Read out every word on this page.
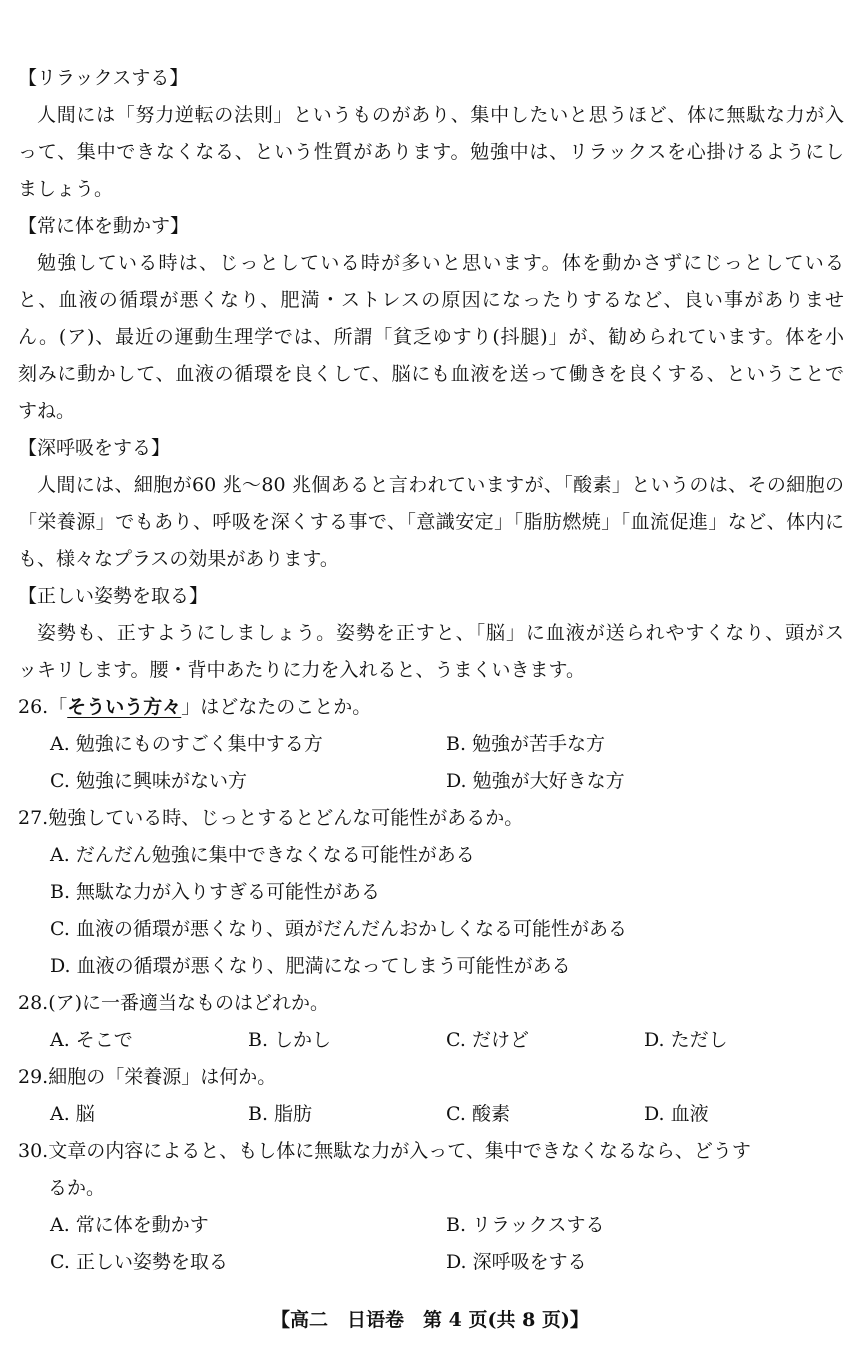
【リラックスする】
人間には「努力逆転の法則」というものがあり、集中したいと思うほど、体に無駄な力が入
って、集中できなくなる、という性質があります。勉強中は、リラックスを心掛けるようにし
ましょう。
【常に体を動かす】
勉強している時は、じっとしている時が多いと思います。体を動かさずにじっとしている
と、血液の循環が悪くなり、肥満・ストレスの原因になったりするなど、良い事がありませ
ん。(ア)、最近の運動生理学では、所謂「貧乏ゆすり(抖腿)」が、勧められています。体を小
刻みに動かして、血液の循環を良くして、脳にも血液を送って働きを良くする、ということで
すね。
【深呼吸をする】
人間には、細胞が60 兆～80 兆個あると言われていますが、「酸素」というのは、その細胞の
「栄養源」でもあり、呼吸を深くする事で、「意識安定」「脂肪燃焼」「血流促進」など、体内に
も、様々なプラスの効果があります。
【正しい姿勢を取る】
姿勢も、正すようにしましょう。姿勢を正すと、「脳」に血液が送られやすくなり、頭がス
ッキリします。腰・背中あたりに力を入れると、うまくいきます。
26.「そういう方々」はどなたのことか。
A. 勉強にものすごく集中する方	B. 勉強が苦手な方
C. 勉強に興味がない方	D. 勉強が大好きな方
27.勉強している時、じっとするとどんな可能性があるか。
A. だんだん勉強に集中できなくなる可能性がある
B. 無駄な力が入りすぎる可能性がある
C. 血液の循環が悪くなり、頭がだんだんおかしくなる可能性がある
D. 血液の循環が悪くなり、肥満になってしまう可能性がある
28.(ア)に一番適当なものはどれか。
A. そこで	B. しかし	C. だけど	D. ただし
29.細胞の「栄養源」は何か。
A. 脳	B. 脂肪	C. 酸素	D. 血液
30.文章の内容によると、もし体に無駄な力が入って、集中できなくなるなら、どうす
るか。
A. 常に体を動かす	B. リラックスする
C. 正しい姿勢を取る	D. 深呼吸をする
【高二　日语卷　第 4 页(共 8 页)】
